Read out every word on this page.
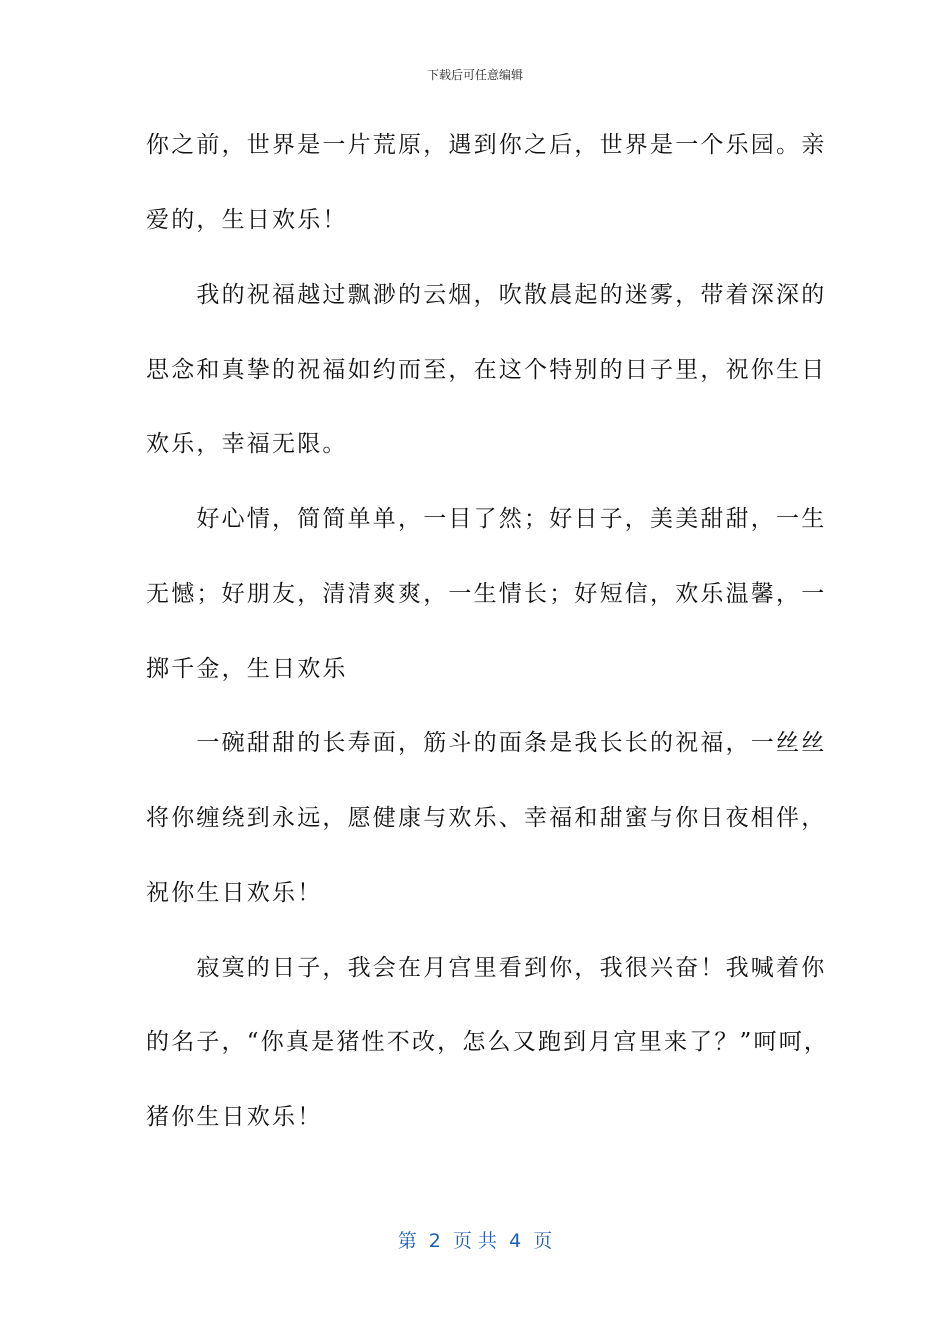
下载后可任意编辑
你之前，世界是一片荒原，遇到你之后，世界是一个乐园。亲
爱的，生日欢乐！
　　我的祝福越过飘渺的云烟，吹散晨起的迷雾，带着深深的
思念和真挚的祝福如约而至，在这个特别的日子里，祝你生日
欢乐，幸福无限。
　　好心情，简简单单，一目了然；好日子，美美甜甜，一生
无憾；好朋友，清清爽爽，一生情长；好短信，欢乐温馨，一
掷千金，生日欢乐
　　一碗甜甜的长寿面，筋斗的面条是我长长的祝福，一丝丝
将你缠绕到永远，愿健康与欢乐、幸福和甜蜜与你日夜相伴，
祝你生日欢乐！
　　寂寞的日子，我会在月宫里看到你，我很兴奋！我喊着你
的名子，“你真是猪性不改，怎么又跑到月宫里来了？”呵呵，
猪你生日欢乐！
第  2  页 共  4  页
